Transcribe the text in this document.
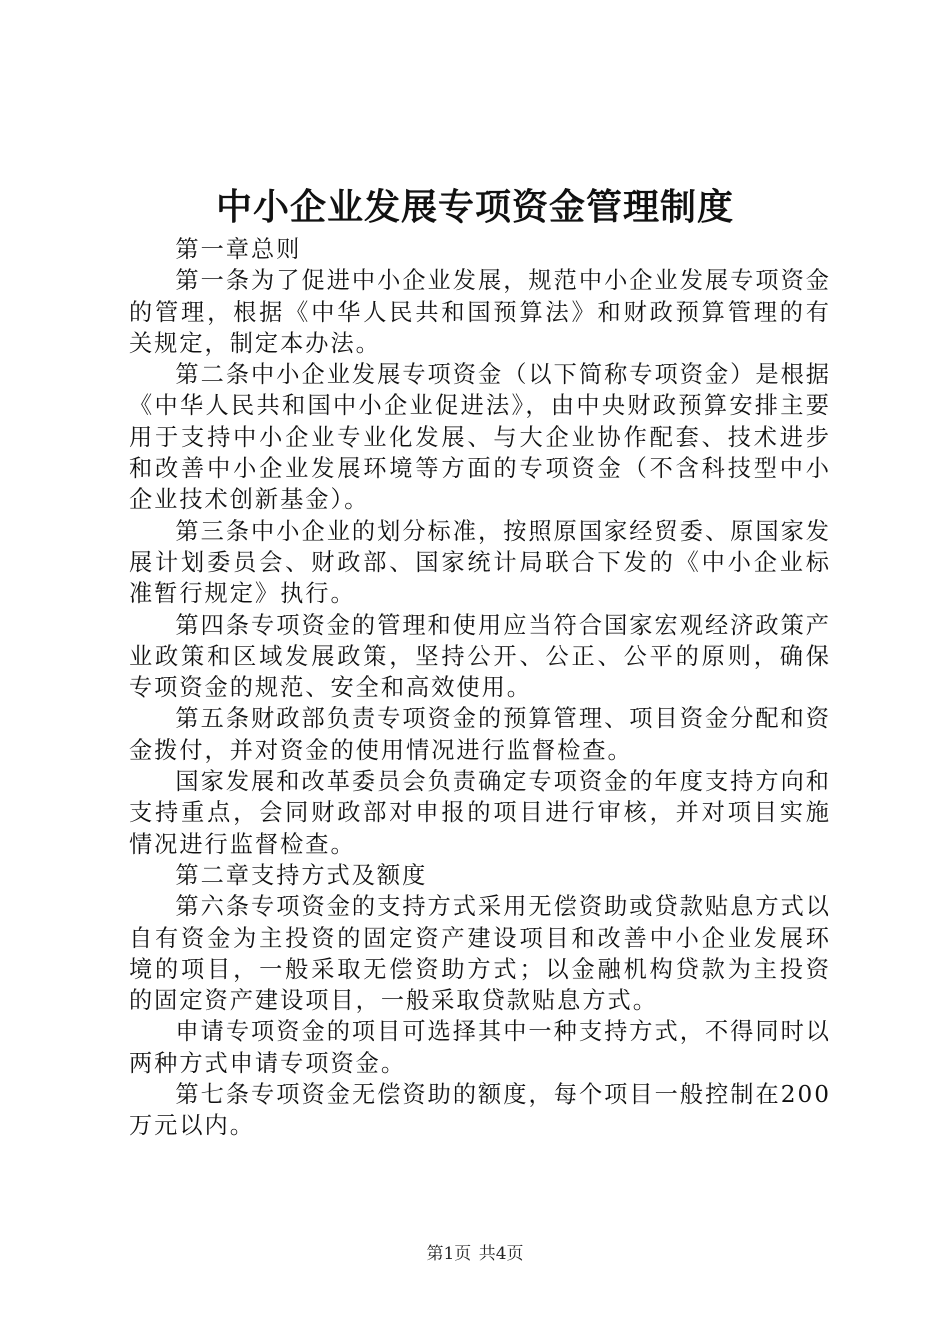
中小企业发展专项资金管理制度

第一章总则

第一条为了促进中小企业发展，规范中小企业发展专项资金的管理，根据《中华人民共和国预算法》和财政预算管理的有关规定，制定本办法。

第二条中小企业发展专项资金（以下简称专项资金）是根据《中华人民共和国中小企业促进法》，由中央财政预算安排主要用于支持中小企业专业化发展、与大企业协作配套、技术进步和改善中小企业发展环境等方面的专项资金（不含科技型中小企业技术创新基金）。

第三条中小企业的划分标准，按照原国家经贸委、原国家发展计划委员会、财政部、国家统计局联合下发的《中小企业标准暂行规定》执行。

第四条专项资金的管理和使用应当符合国家宏观经济政策产业政策和区域发展政策，坚持公开、公正、公平的原则，确保专项资金的规范、安全和高效使用。

第五条财政部负责专项资金的预算管理、项目资金分配和资金拨付，并对资金的使用情况进行监督检查。

国家发展和改革委员会负责确定专项资金的年度支持方向和支持重点，会同财政部对申报的项目进行审核，并对项目实施情况进行监督检查。

第二章支持方式及额度

第六条专项资金的支持方式采用无偿资助或贷款贴息方式以自有资金为主投资的固定资产建设项目和改善中小企业发展环境的项目，一般采取无偿资助方式；以金融机构贷款为主投资的固定资产建设项目，一般采取贷款贴息方式。

申请专项资金的项目可选择其中一种支持方式，不得同时以两种方式申请专项资金。

第七条专项资金无偿资助的额度，每个项目一般控制在200万元以内。

第1页 共4页
